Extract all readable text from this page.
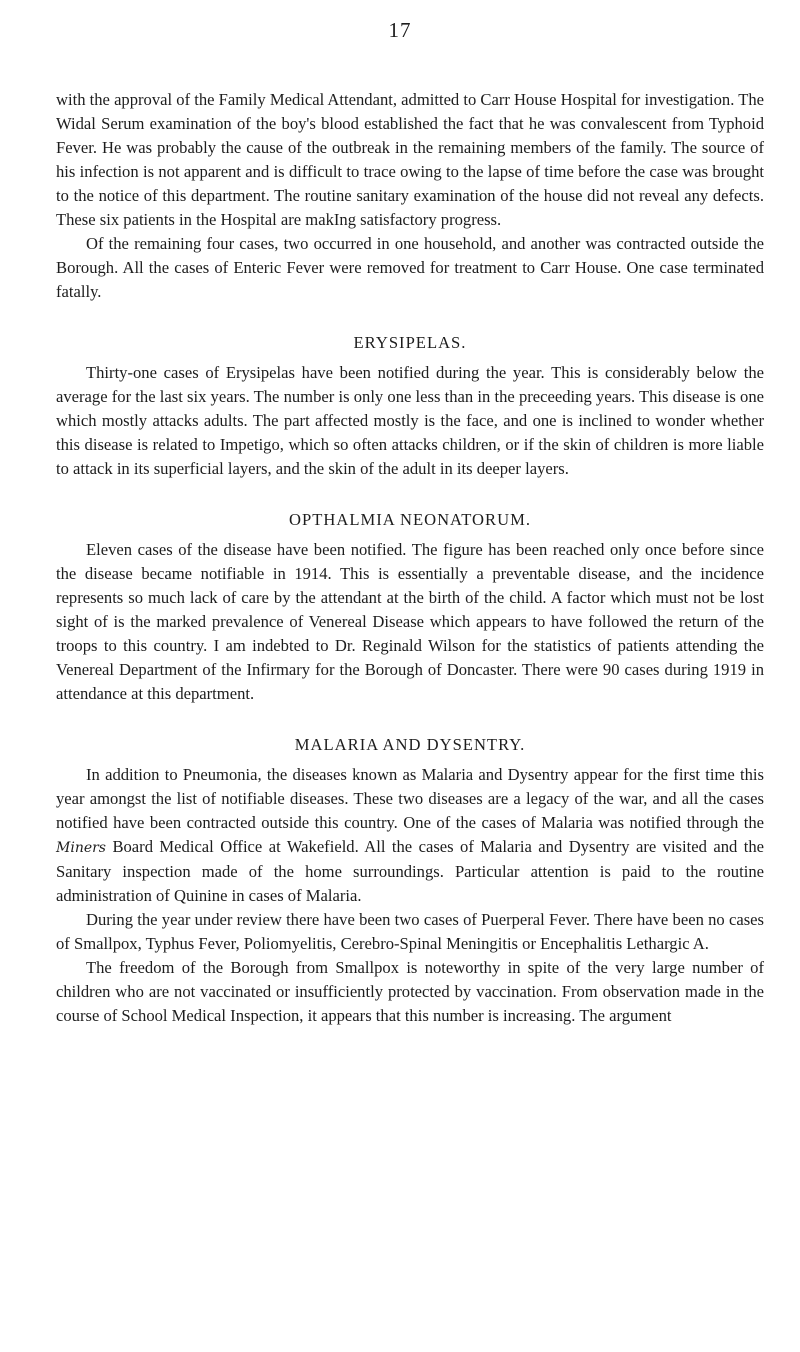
17

with the approval of the Family Medical Attendant, admitted to Carr House Hospital for investigation. The Widal Serum examination of the boy's blood established the fact that he was convalescent from Typhoid Fever. He was probably the cause of the outbreak in the remaining members of the family. The source of his infection is not apparent and is difficult to trace owing to the lapse of time before the case was brought to the notice of this department. The routine sanitary examination of the house did not reveal any defects. These six patients in the Hospital are makIng satisfactory progress.

Of the remaining four cases, two occurred in one household, and another was contracted outside the Borough. All the cases of Enteric Fever were removed for treatment to Carr House. One case terminated fatally.

ERYSIPELAS.

Thirty-one cases of Erysipelas have been notified during the year. This is considerably below the average for the last six years. The number is only one less than in the preceeding years. This disease is one which mostly attacks adults. The part affected mostly is the face, and one is inclined to wonder whether this disease is related to Impetigo, which so often attacks children, or if the skin of children is more liable to attack in its superficial layers, and the skin of the adult in its deeper layers.

OPTHALMIA NEONATORUM.

Eleven cases of the disease have been notified. The figure has been reached only once before since the disease became notifiable in 1914. This is essentially a preventable disease, and the incidence represents so much lack of care by the attendant at the birth of the child. A factor which must not be lost sight of is the marked prevalence of Venereal Disease which appears to have followed the return of the troops to this country. I am indebted to Dr. Reginald Wilson for the statistics of patients attending the Venereal Department of the Infirmary for the Borough of Doncaster. There were 90 cases during 1919 in attendance at this department.

MALARIA AND DYSENTRY.

In addition to Pneumonia, the diseases known as Malaria and Dysentry appear for the first time this year amongst the list of notifiable diseases. These two diseases are a legacy of the war, and all the cases notified have been contracted outside this country. One of the cases of Malaria was notified through the Miners Board Medical Office at Wakefield. All the cases of Malaria and Dysentry are visited and the Sanitary inspection made of the home surroundings. Particular attention is paid to the routine administration of Quinine in cases of Malaria.

During the year under review there have been two cases of Puerperal Fever. There have been no cases of Smallpox, Typhus Fever, Poliomyelitis, Cerebro-Spinal Meningitis or Encephalitis Lethargic A.

The freedom of the Borough from Smallpox is noteworthy in spite of the very large number of children who are not vaccinated or insufficiently protected by vaccination. From observation made in the course of School Medical Inspection, it appears that this number is increasing. The argument
